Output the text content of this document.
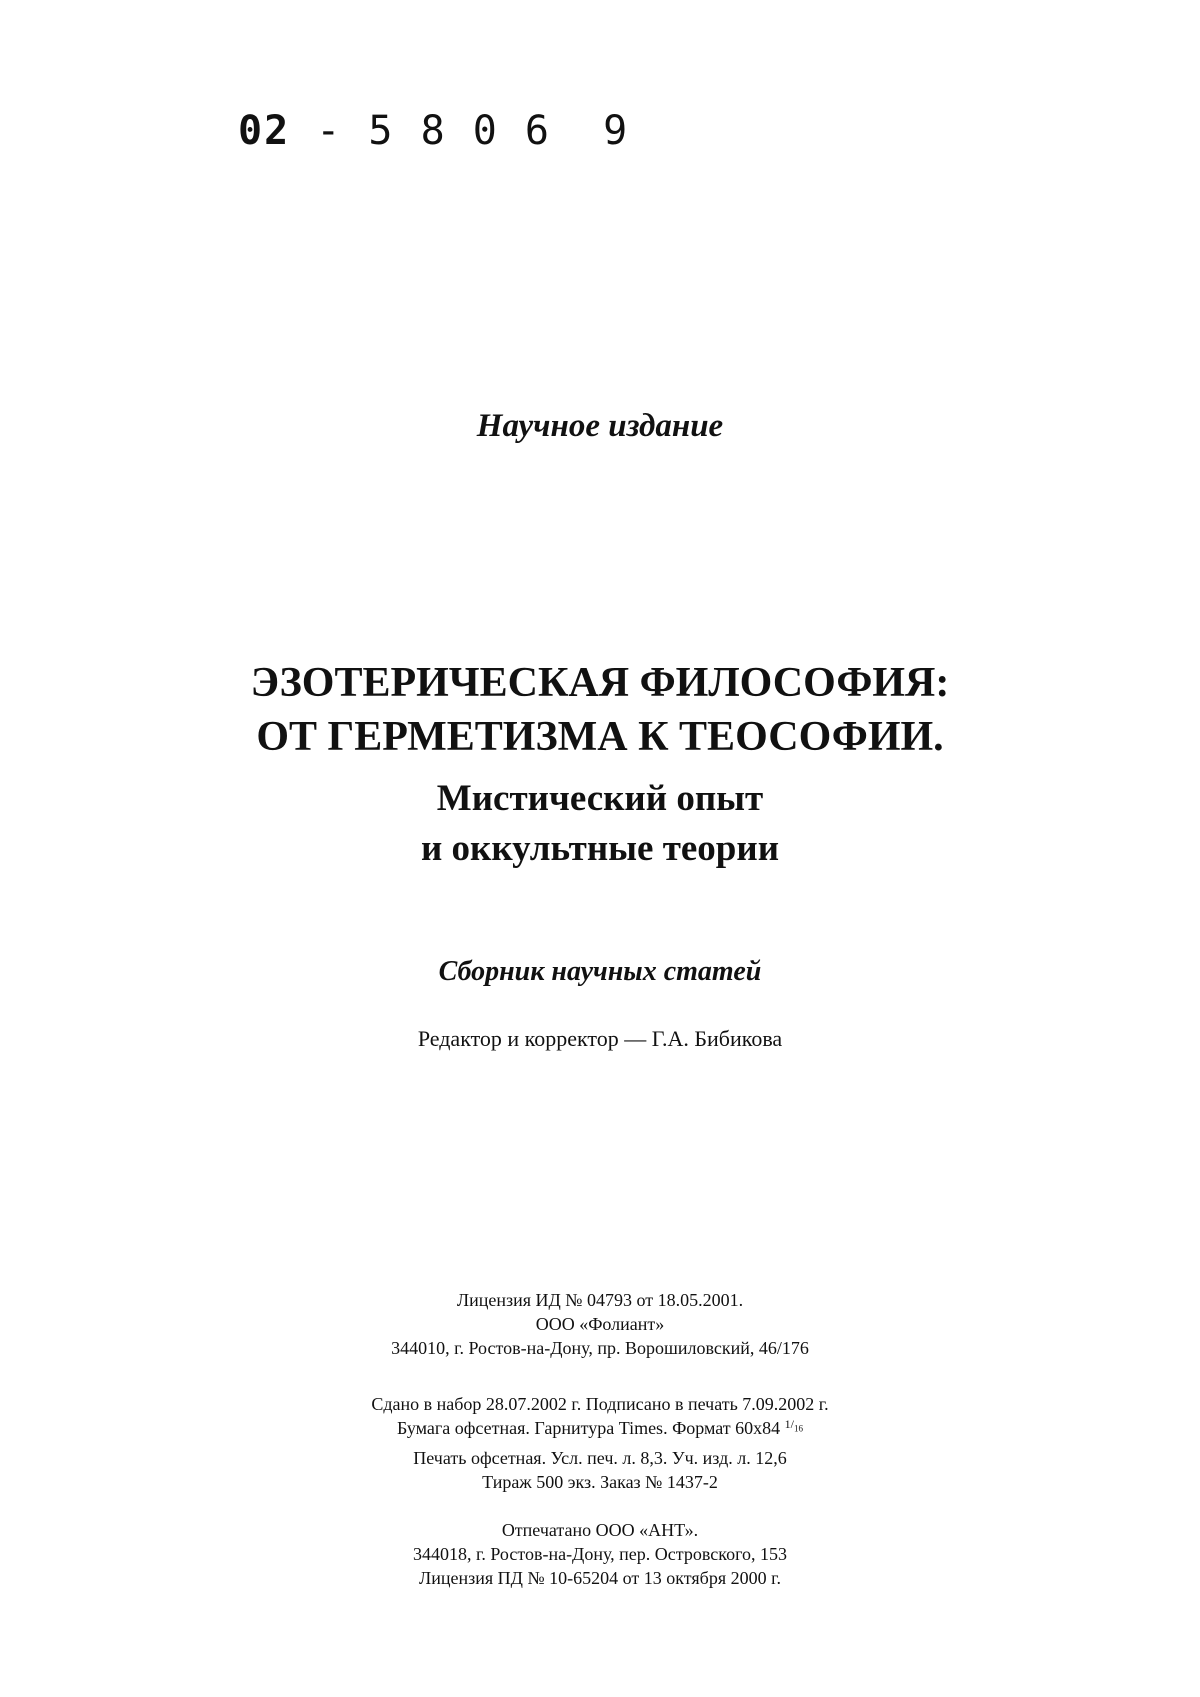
02 - 5 8 0 6  9
Научное издание
ЭЗОТЕРИЧЕСКАЯ ФИЛОСОФИЯ:
ОТ ГЕРМЕТИЗМА К ТЕОСОФИИ.
Мистический опыт
и оккультные теории
Сборник научных статей
Редактор и корректор — Г.А. Бибикова
Лицензия ИД № 04793 от 18.05.2001.
ООО «Фолиант»
344010, г. Ростов-на-Дону, пр. Ворошиловский, 46/176
Сдано в набор 28.07.2002 г. Подписано в печать 7.09.2002 г.
Бумага офсетная. Гарнитура Times. Формат 60x84 $^{1/_{16}}$
Печать офсетная. Усл. печ. л. 8,3. Уч. изд. л. 12,6
Тираж 500 экз. Заказ № 1437-2
Отпечатано ООО «АНТ».
344018, г. Ростов-на-Дону, пер. Островского, 153
Лицензия ПД № 10-65204 от 13 октября 2000 г.
